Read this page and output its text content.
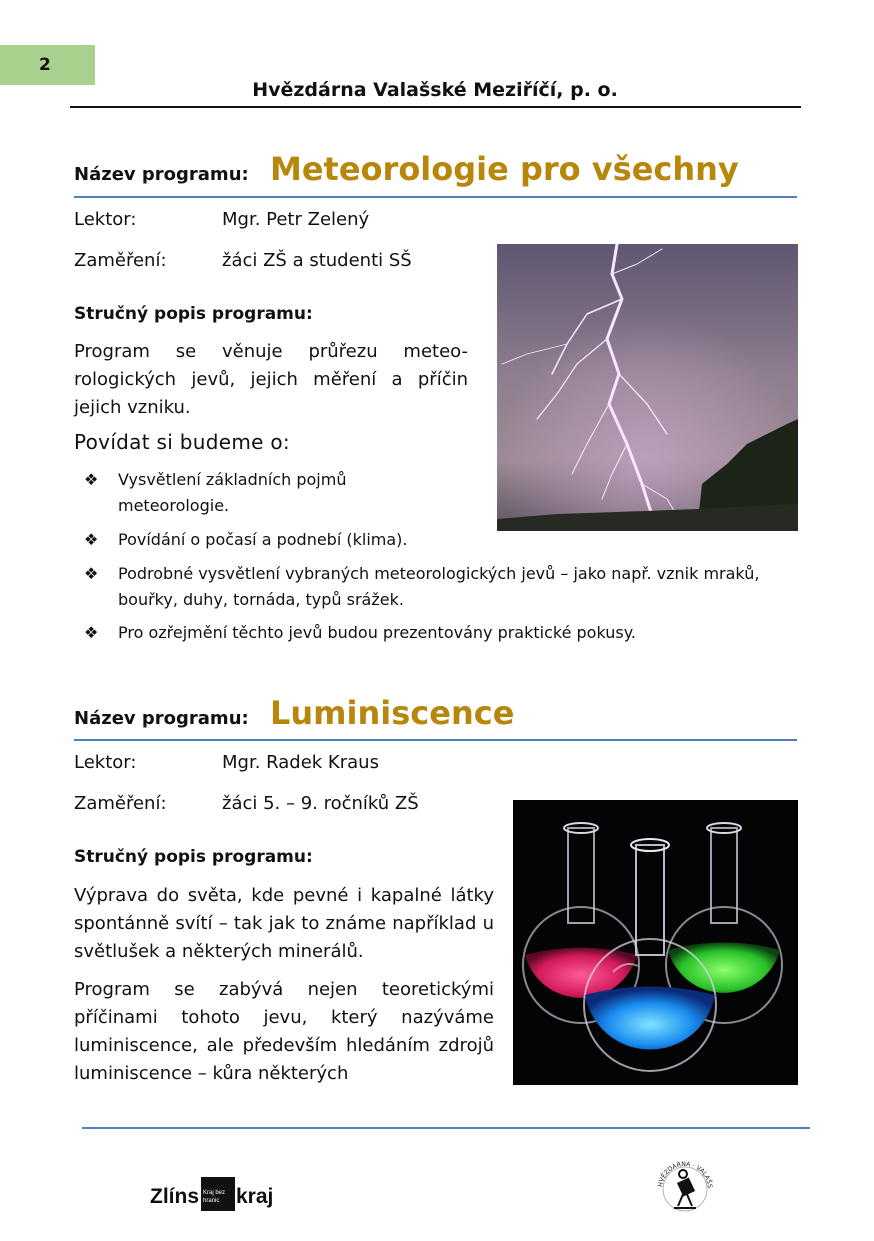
2
Hvězdárna Valašské Meziříčí, p. o.
Název programu: Meteorologie pro všechny
Lektor:	Mgr. Petr Zelený
Zaměření:	žáci ZŠ a studenti SŠ
Stručný popis programu:
Program se věnuje průřezu meteo-rologických jevů, jejich měření a příčin jejich vzniku.
Povídat si budeme o:
❖ Vysvětlení základních pojmů meteorologie.
❖ Povídání o počasí a podnebí (klima).
❖ Podrobné vysvětlení vybraných meteorologických jevů – jako např. vznik mraků, bouřky, duhy, tornáda, typů srážek.
❖ Pro ozřejmění těchto jevů budou prezentovány praktické pokusy.
Název programu: Luminiscence
Lektor:	Mgr. Radek Kraus
Zaměření:	žáci 5. – 9. ročníků ZŠ
Stručný popis programu:
Výprava do světa, kde pevné i kapalné látky spontánně svítí – tak jak to známe například u světlušek a některých minerálů.
Program se zabývá nejen teoretickými příčinami tohoto jevu, který nazýváme luminiscence, ale především hledáním zdrojů luminiscence – kůra některých
Zlíns Kraj bez
hranic kraj
HVĚZDÁRNA · VALAŠS
